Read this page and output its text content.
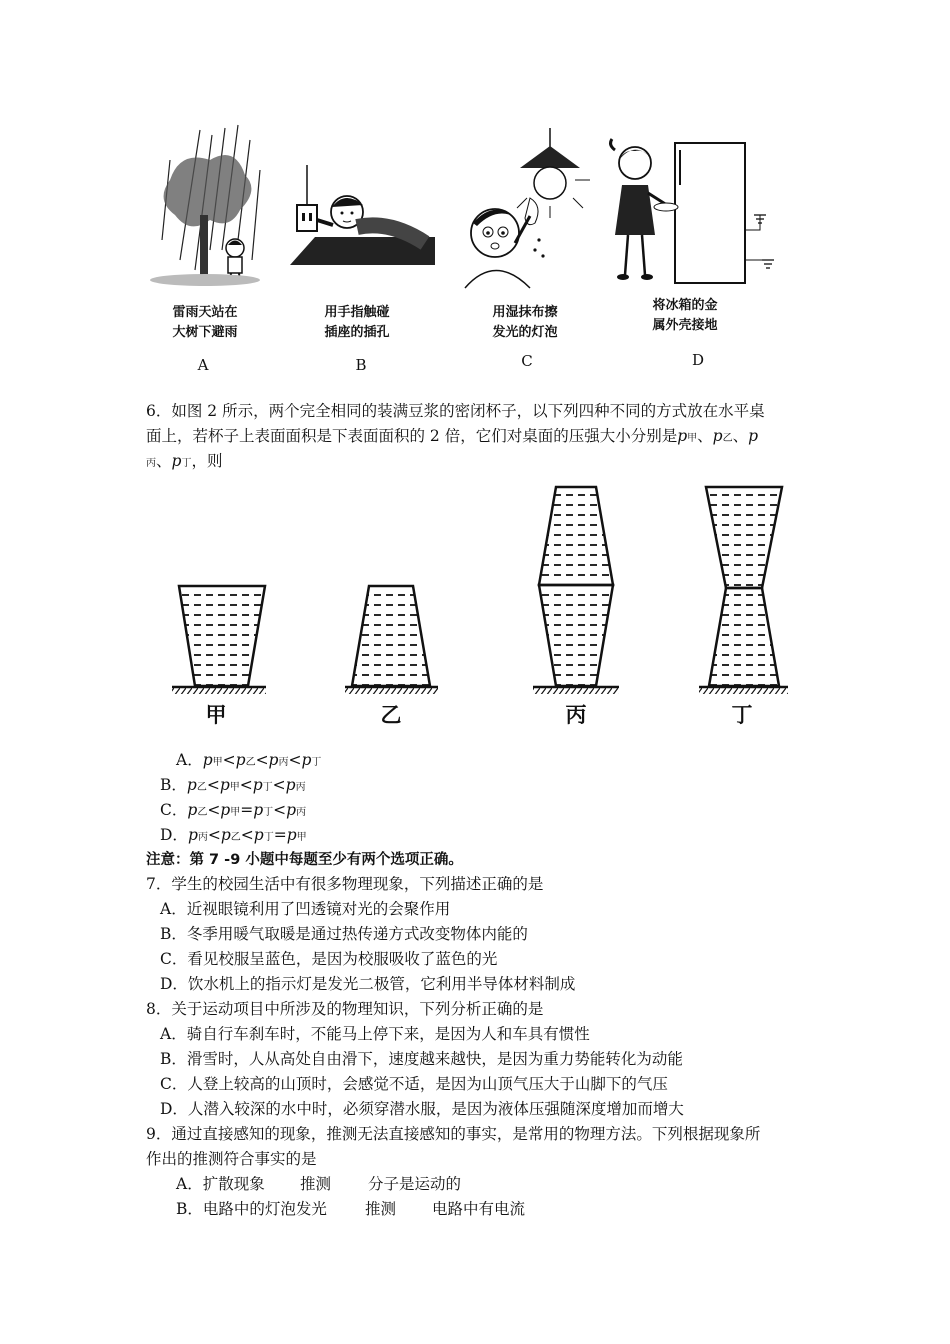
雷雨天站在
大树下避雨
用手指触碰
插座的插孔
用湿抹布擦
发光的灯泡
将冰箱的金
属外壳接地
A	B	C	D
6．如图 2 所示，两个完全相同的装满豆浆的密闭杯子，以下列四种不同的方式放在水平桌
面上，若杯子上表面面积是下表面面积的 2 倍，它们对桌面的压强大小分别是p甲、p乙、p
丙、p丁，则
甲	乙	丙	丁
A．p甲<p乙<p丙<p丁
B．p乙<p甲<p丁<p丙
C．p乙<p甲=p丁<p丙
D．p丙<p乙<p丁=p甲
注意：第 7 -9 小题中每题至少有两个选项正确。
7．学生的校园生活中有很多物理现象，下列描述正确的是
A．近视眼镜利用了凹透镜对光的会聚作用
B．冬季用暖气取暖是通过热传递方式改变物体内能的
C．看见校服呈蓝色，是因为校服吸收了蓝色的光
D．饮水机上的指示灯是发光二极管，它利用半导体材料制成
8．关于运动项目中所涉及的物理知识，下列分析正确的是
A．骑自行车刹车时，不能马上停下来，是因为人和车具有惯性
B．滑雪时，人从高处自由滑下，速度越来越快，是因为重力势能转化为动能
C．人登上较高的山顶时，会感觉不适，是因为山顶气压大于山脚下的气压
D．人潜入较深的水中时，必须穿潜水服，是因为液体压强随深度增加而增大
9．通过直接感知的现象，推测无法直接感知的事实，是常用的物理方法。下列根据现象所
作出的推测符合事实的是
A．扩散现象 推测 分子是运动的
B．电路中的灯泡发光 推测 电路中有电流
